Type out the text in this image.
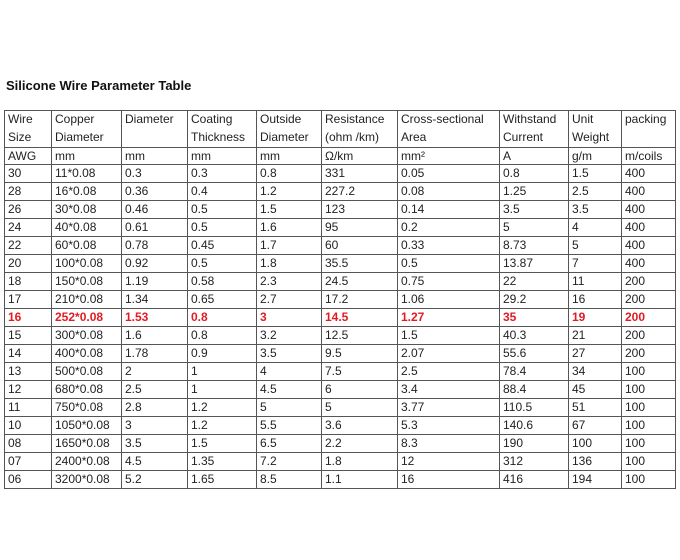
Silicone Wire Parameter Table
Wire	Copper	Diameter	Coating	Outside	Resistance	Cross-sectional	Withstand	Unit	packing
Size	Diameter		Thickness	Diameter	(ohm /km)	Area	Current	Weight	
AWG	mm	mm	mm	mm	Ω/km	mm²	A	g/m	m/coils
30	11*0.08	0.3	0.3	0.8	331	0.05	0.8	1.5	400
28	16*0.08	0.36	0.4	1.2	227.2	0.08	1.25	2.5	400
26	30*0.08	0.46	0.5	1.5	123	0.14	3.5	3.5	400
24	40*0.08	0.61	0.5	1.6	95	0.2	5	4	400
22	60*0.08	0.78	0.45	1.7	60	0.33	8.73	5	400
20	100*0.08	0.92	0.5	1.8	35.5	0.5	13.87	7	400
18	150*0.08	1.19	0.58	2.3	24.5	0.75	22	11	200
17	210*0.08	1.34	0.65	2.7	17.2	1.06	29.2	16	200
16	252*0.08	1.53	0.8	3	14.5	1.27	35	19	200
15	300*0.08	1.6	0.8	3.2	12.5	1.5	40.3	21	200
14	400*0.08	1.78	0.9	3.5	9.5	2.07	55.6	27	200
13	500*0.08	2	1	4	7.5	2.5	78.4	34	100
12	680*0.08	2.5	1	4.5	6	3.4	88.4	45	100
11	750*0.08	2.8	1.2	5	5	3.77	110.5	51	100
10	1050*0.08	3	1.2	5.5	3.6	5.3	140.6	67	100
08	1650*0.08	3.5	1.5	6.5	2.2	8.3	190	100	100
07	2400*0.08	4.5	1.35	7.2	1.8	12	312	136	100
06	3200*0.08	5.2	1.65	8.5	1.1	16	416	194	100
